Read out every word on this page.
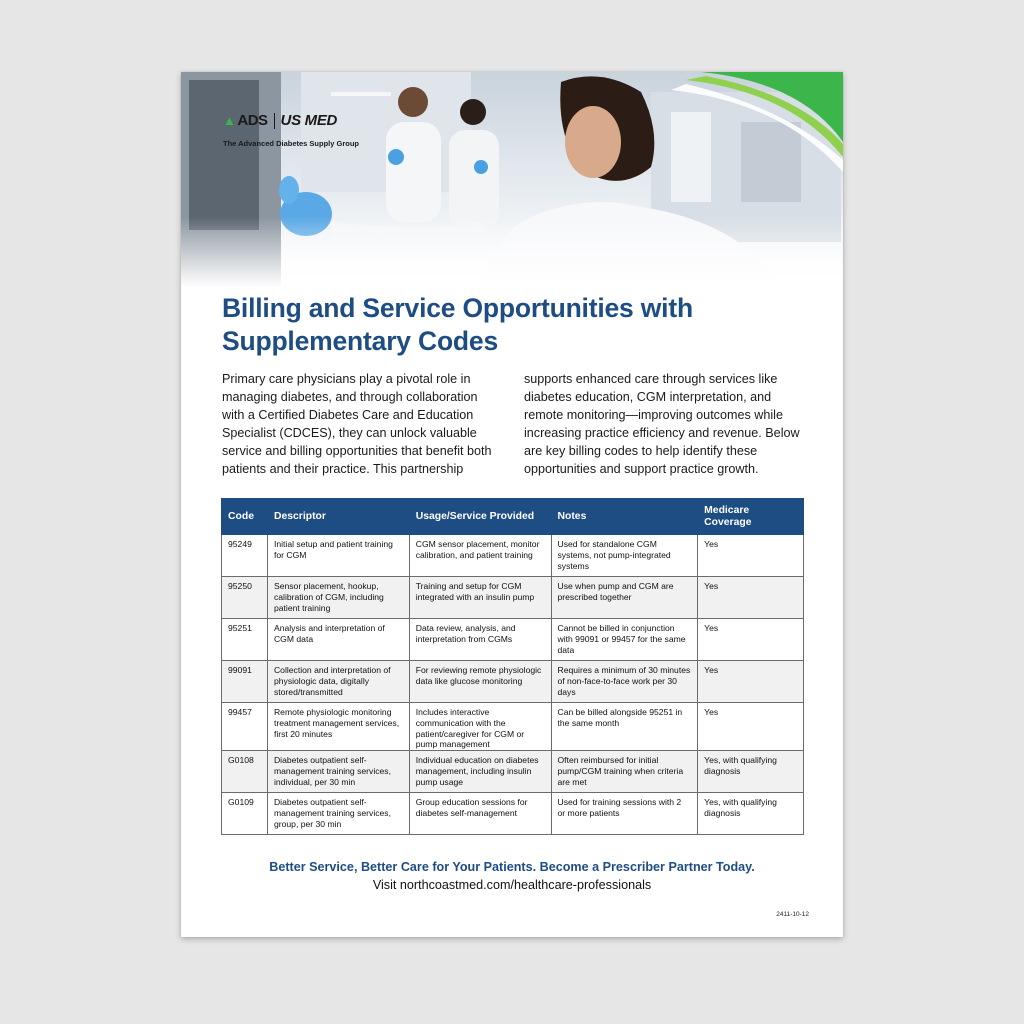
▲ ADS US MED
The Advanced Diabetes Supply Group
Billing and Service Opportunities with Supplementary Codes
Primary care physicians play a pivotal role in managing diabetes, and through collaboration with a Certified Diabetes Care and Education Specialist (CDCES), they can unlock valuable service and billing opportunities that benefit both patients and their practice. This partnership supports enhanced care through services like diabetes education, CGM interpretation, and remote monitoring—improving outcomes while increasing practice efficiency and revenue. Below are key billing codes to help identify these opportunities and support practice growth.
Code	Descriptor	Usage/Service Provided	Notes	Medicare Coverage
95249	Initial setup and patient training for CGM	CGM sensor placement, monitor calibration, and patient training	Used for standalone CGM systems, not pump-integrated systems	Yes
95250	Sensor placement, hookup, calibration of CGM, including patient training	Training and setup for CGM integrated with an insulin pump	Use when pump and CGM are prescribed together	Yes
95251	Analysis and interpretation of CGM data	Data review, analysis, and interpretation from CGMs	Cannot be billed in conjunction with 99091 or 99457 for the same data	Yes
99091	Collection and interpretation of physiologic data, digitally stored/transmitted	For reviewing remote physiologic data like glucose monitoring	Requires a minimum of 30 minutes of non-face-to-face work per 30 days	Yes
99457	Remote physiologic monitoring treatment management services, first 20 minutes	Includes interactive communication with the patient/caregiver for CGM or pump management	Can be billed alongside 95251 in the same month	Yes
G0108	Diabetes outpatient self-management training services, individual, per 30 min	Individual education on diabetes management, including insulin pump usage	Often reimbursed for initial pump/CGM training when criteria are met	Yes, with qualifying diagnosis
G0109	Diabetes outpatient self-management training services, group, per 30 min	Group education sessions for diabetes self-management	Used for training sessions with 2 or more patients	Yes, with qualifying diagnosis
Better Service, Better Care for Your Patients. Become a Prescriber Partner Today.
Visit northcoastmed.com/healthcare-professionals
2411-10-12
